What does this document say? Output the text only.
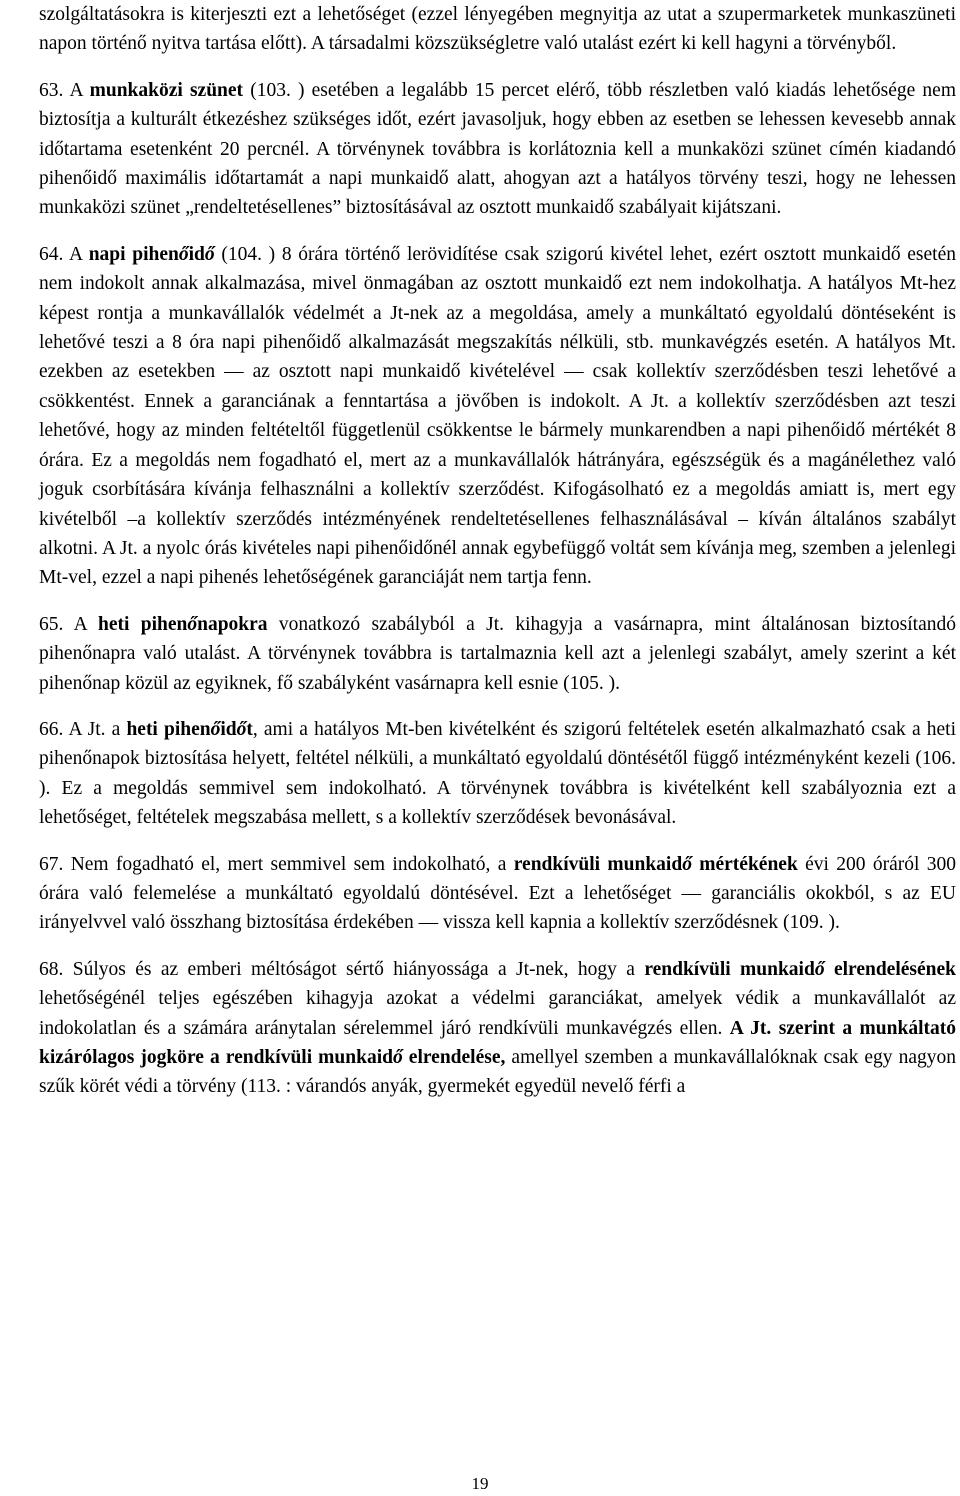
szolgáltatásokra is kiterjeszti ezt a lehetőséget (ezzel lényegében megnyitja az utat a szupermarketek munkaszüneti napon történő nyitva tartása előtt). A társadalmi közszükségletre való utalást ezért ki kell hagyni a törvényből.

63. A munkaközi szünet (103. ) esetében a legalább 15 percet elérő, több részletben való kiadás lehetősége nem biztosítja a kulturált étkezéshez szükséges időt, ezért javasoljuk, hogy ebben az esetben se lehessen kevesebb annak időtartama esetenként 20 percnél. A törvénynek továbbra is korlátoznia kell a munkaközi szünet címén kiadandó pihenőidő maximális időtartamát a napi munkaidő alatt, ahogyan azt a hatályos törvény teszi, hogy ne lehessen munkaközi szünet „rendeltetésellenes” biztosításával az osztott munkaidő szabályait kijátszani.

64. A napi pihenőidő (104. ) 8 órára történő lerövidítése csak szigorú kivétel lehet, ezért osztott munkaidő esetén nem indokolt annak alkalmazása, mivel önmagában az osztott munkaidő ezt nem indokolhatja. A hatályos Mt-hez képest rontja a munkavállalók védelmét a Jt-nek az a megoldása, amely a munkáltató egyoldalú döntéseként is lehetővé teszi a 8 óra napi pihenőidő alkalmazását megszakítás nélküli, stb. munkavégzés esetén. A hatályos Mt. ezekben az esetekben — az osztott napi munkaidő kivételével — csak kollektív szerződésben teszi lehetővé a csökkentést. Ennek a garanciának a fenntartása a jövőben is indokolt. A Jt. a kollektív szerződésben azt teszi lehetővé, hogy az minden feltételtől függetlenül csökkentse le bármely munkarendben a napi pihenőidő mértékét 8 órára. Ez a megoldás nem fogadható el, mert az a munkavállalók hátrányára, egészségük és a magánélethez való joguk csorbítására kívánja felhasználni a kollektív szerződést. Kifogásolható ez a megoldás amiatt is, mert egy kivételből –a kollektív szerződés intézményének rendeltetésellenes felhasználásával – kíván általános szabályt alkotni. A Jt. a nyolc órás kivételes napi pihenőidőnél annak egybefüggő voltát sem kívánja meg, szemben a jelenlegi Mt-vel, ezzel a napi pihenés lehetőségének garanciáját nem tartja fenn.

65. A heti pihenőnapokra vonatkozó szabályból a Jt. kihagyja a vasárnapra, mint általánosan biztosítandó pihenőnapra való utalást. A törvénynek továbbra is tartalmaznia kell azt a jelenlegi szabályt, amely szerint a két pihenőnap közül az egyiknek, fő szabályként vasárnapra kell esnie (105. ).

66. A Jt. a heti pihenőidőt, ami a hatályos Mt-ben kivételként és szigorú feltételek esetén alkalmazható csak a heti pihenőnapok biztosítása helyett, feltétel nélküli, a munkáltató egyoldalú döntésétől függő intézményként kezeli (106. ). Ez a megoldás semmivel sem indokolható. A törvénynek továbbra is kivételként kell szabályoznia ezt a lehetőséget, feltételek megszabása mellett, s a kollektív szerződések bevonásával.

67. Nem fogadható el, mert semmivel sem indokolható, a rendkívüli munkaidő mértékének évi 200 óráról 300 órára való felemelése a munkáltató egyoldalú döntésével. Ezt a lehetőséget — garanciális okokból, s az EU irányelvvel való összhang biztosítása érdekében — vissza kell kapnia a kollektív szerződésnek (109. ).

68. Súlyos és az emberi méltóságot sértő hiányossága a Jt-nek, hogy a rendkívüli munkaidő elrendelésének lehetőségénél teljes egészében kihagyja azokat a védelmi garanciákat, amelyek védik a munkavállalót az indokolatlan és a számára aránytalan sérelemmel járó rendkívüli munkavégzés ellen. A Jt. szerint a munkáltató kizárólagos jogköre a rendkívüli munkaidő elrendelése, amellyel szemben a munkavállalóknak csak egy nagyon szűk körét védi a törvény (113. : várandós anyák, gyermekét egyedül nevelő férfi a

19
